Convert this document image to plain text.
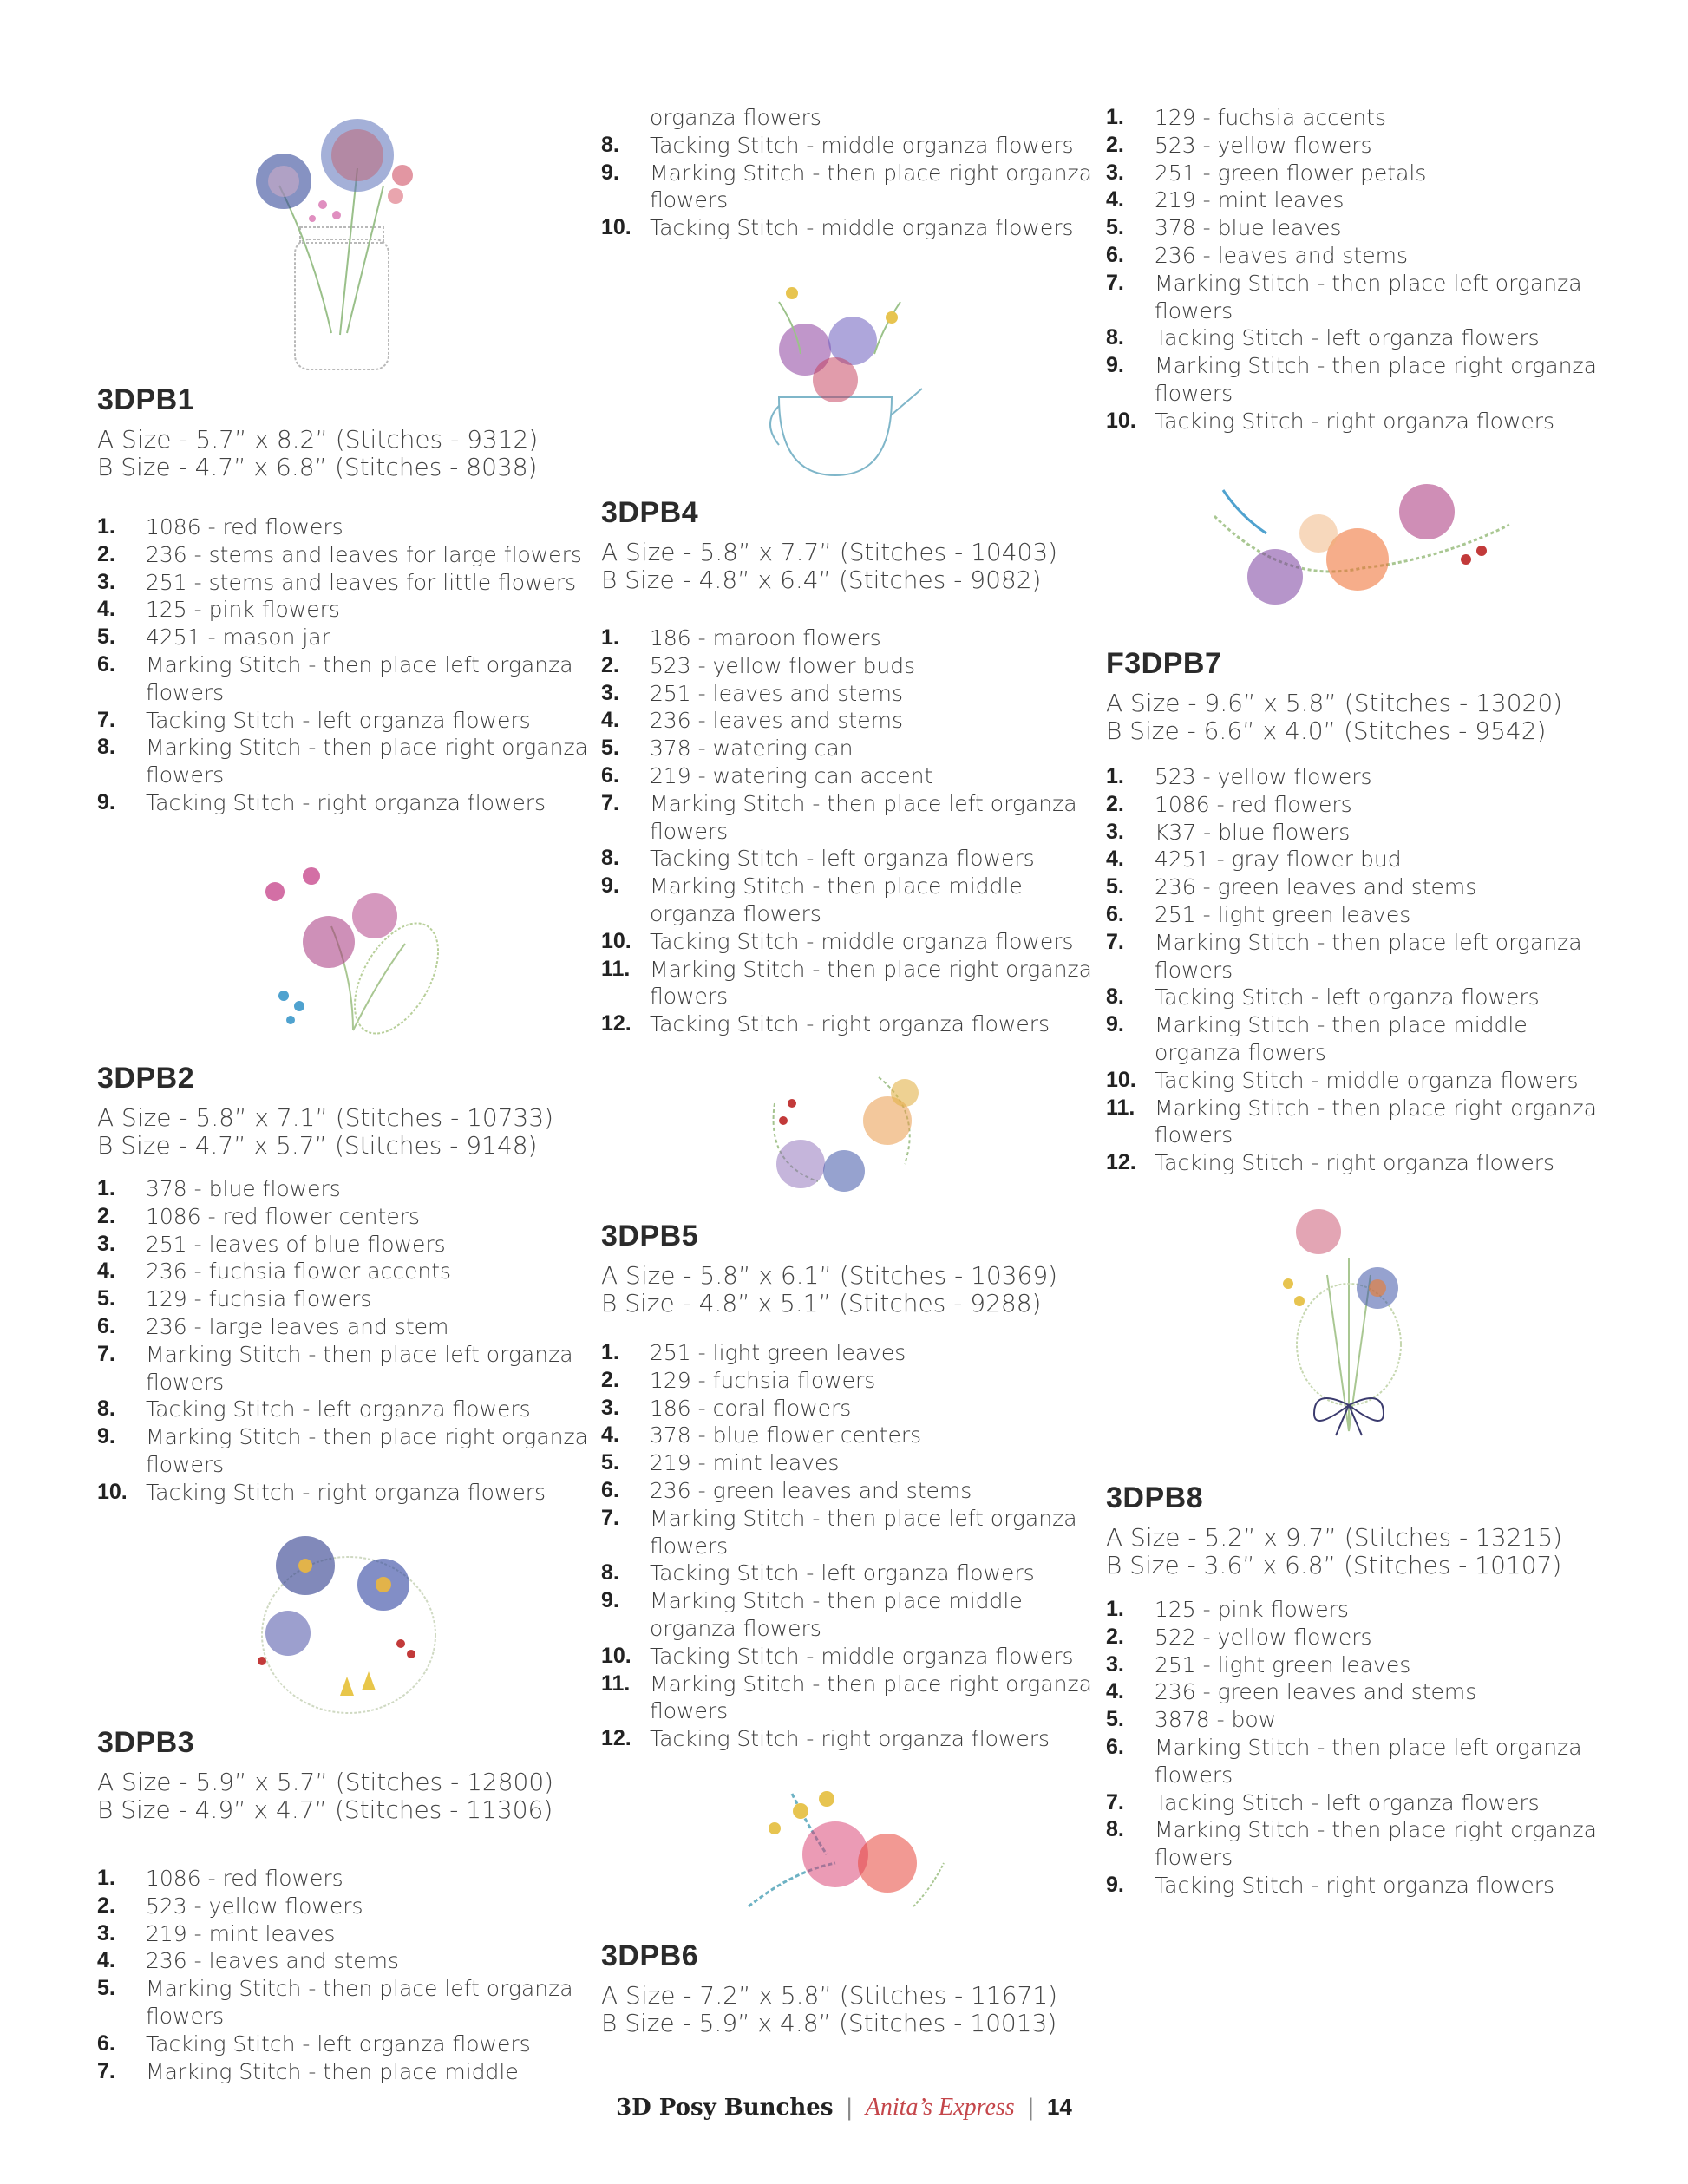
3DPB1

A Size - 5.7” x 8.2” (Stitches - 9312)

B Size - 4.7” x 6.8” (Stitches - 8038)

1.	1086 - red flowers
2.	236 - stems and leaves for large flowers
3.	251 - stems and leaves for little flowers
4.	125 - pink flowers
5.	4251 - mason jar
6.	Marking Stitch - then place left organza
flowers
7.	Tacking Stitch - left organza flowers
8.	Marking Stitch - then place right organza
flowers
9.	Tacking Stitch - right organza flowers
3DPB2

A Size - 5.8” x 7.1” (Stitches - 10733)

B Size - 4.7” x 5.7” (Stitches - 9148)

1.	378 - blue flowers
2.	1086 - red flower centers
3.	251 - leaves of blue flowers
4.	236 - fuchsia flower accents
5.	129 - fuchsia flowers
6.	236 - large leaves and stem
7.	Marking Stitch - then place left organza
flowers
8.	Tacking Stitch - left organza flowers
9.	Marking Stitch - then place right organza
flowers
10. Tacking Stitch - right organza flowers
3DPB3

A Size - 5.9” x 5.7” (Stitches - 12800)

B Size - 4.9” x 4.7” (Stitches - 11306)

1.	1086 - red flowers
2.	523 - yellow flowers
3.	219 - mint leaves
4.	236 - leaves and stems
5.	Marking Stitch - then place left organza
flowers
6.	Tacking Stitch - left organza flowers
7.	Marking Stitch - then place middle
organza flowers
8.	Tacking Stitch - middle organza flowers
9.	Marking Stitch - then place right organza
flowers
10. Tacking Stitch - middle organza flowers
3DPB4

A Size - 5.8” x 7.7” (Stitches - 10403)

B Size - 4.8” x 6.4” (Stitches - 9082)

1.	186 - maroon flowers
2.	523 - yellow flower buds
3.	251 - leaves and stems
4.	236 - leaves and stems
5.	378 - watering can
6.	219 - watering can accent
7.	Marking Stitch - then place left organza
flowers
8.	Tacking Stitch - left organza flowers
9.	Marking Stitch - then place middle
organza flowers
10. Tacking Stitch - middle organza flowers
11. Marking Stitch - then place right organza
flowers
12. Tacking Stitch - right organza flowers
3DPB5

A Size - 5.8” x 6.1” (Stitches - 10369)

B Size - 4.8” x 5.1” (Stitches - 9288)

1.	251 - light green leaves
2.	129 - fuchsia flowers
3.	186 - coral flowers
4.	378 - blue flower centers
5.	219 - mint leaves
6.	236 - green leaves and stems
7.	Marking Stitch - then place left organza
flowers
8.	Tacking Stitch - left organza flowers
9.	Marking Stitch - then place middle
organza flowers
10. Tacking Stitch - middle organza flowers
11. Marking Stitch - then place right organza
flowers
12. Tacking Stitch - right organza flowers
3DPB6

A Size - 7.2” x 5.8” (Stitches - 11671)

B Size - 5.9” x 4.8” (Stitches - 10013)

1.	129 - fuchsia accents
2.	523 - yellow flowers
3.	251 - green flower petals
4.	219 - mint leaves
5.	378 - blue leaves
6.	236 - leaves and stems
7.	Marking Stitch - then place left organza
flowers
8.	Tacking Stitch - left organza flowers
9.	Marking Stitch - then place right organza
flowers
10. Tacking Stitch - right organza flowers
F3DPB7

A Size - 9.6” x 5.8” (Stitches - 13020)

B Size - 6.6” x 4.0” (Stitches - 9542)

1.	523 - yellow flowers
2.	1086 - red flowers
3.	K37 - blue flowers
4.	4251 - gray flower bud
5.	236 - green leaves and stems
6.	251 - light green leaves
7.	Marking Stitch - then place left organza
flowers
8.	Tacking Stitch - left organza flowers
9.	Marking Stitch - then place middle
organza flowers
10. Tacking Stitch - middle organza flowers
11. Marking Stitch - then place right organza
flowers
12. Tacking Stitch - right organza flowers
3DPB8

A Size - 5.2” x 9.7” (Stitches - 13215)

B Size - 3.6” x 6.8” (Stitches - 10107)

1.	125 - pink flowers
2.	522 - yellow flowers
3.	251 - light green leaves
4.	236 - green leaves and stems
5.	3878 - bow
6.	Marking Stitch - then place left organza
flowers
7.	Tacking Stitch - left organza flowers
8.	Marking Stitch - then place right organza
flowers
9.	Tacking Stitch - right organza flowers
3D Posy Bunches | Anita’s Express | 14
